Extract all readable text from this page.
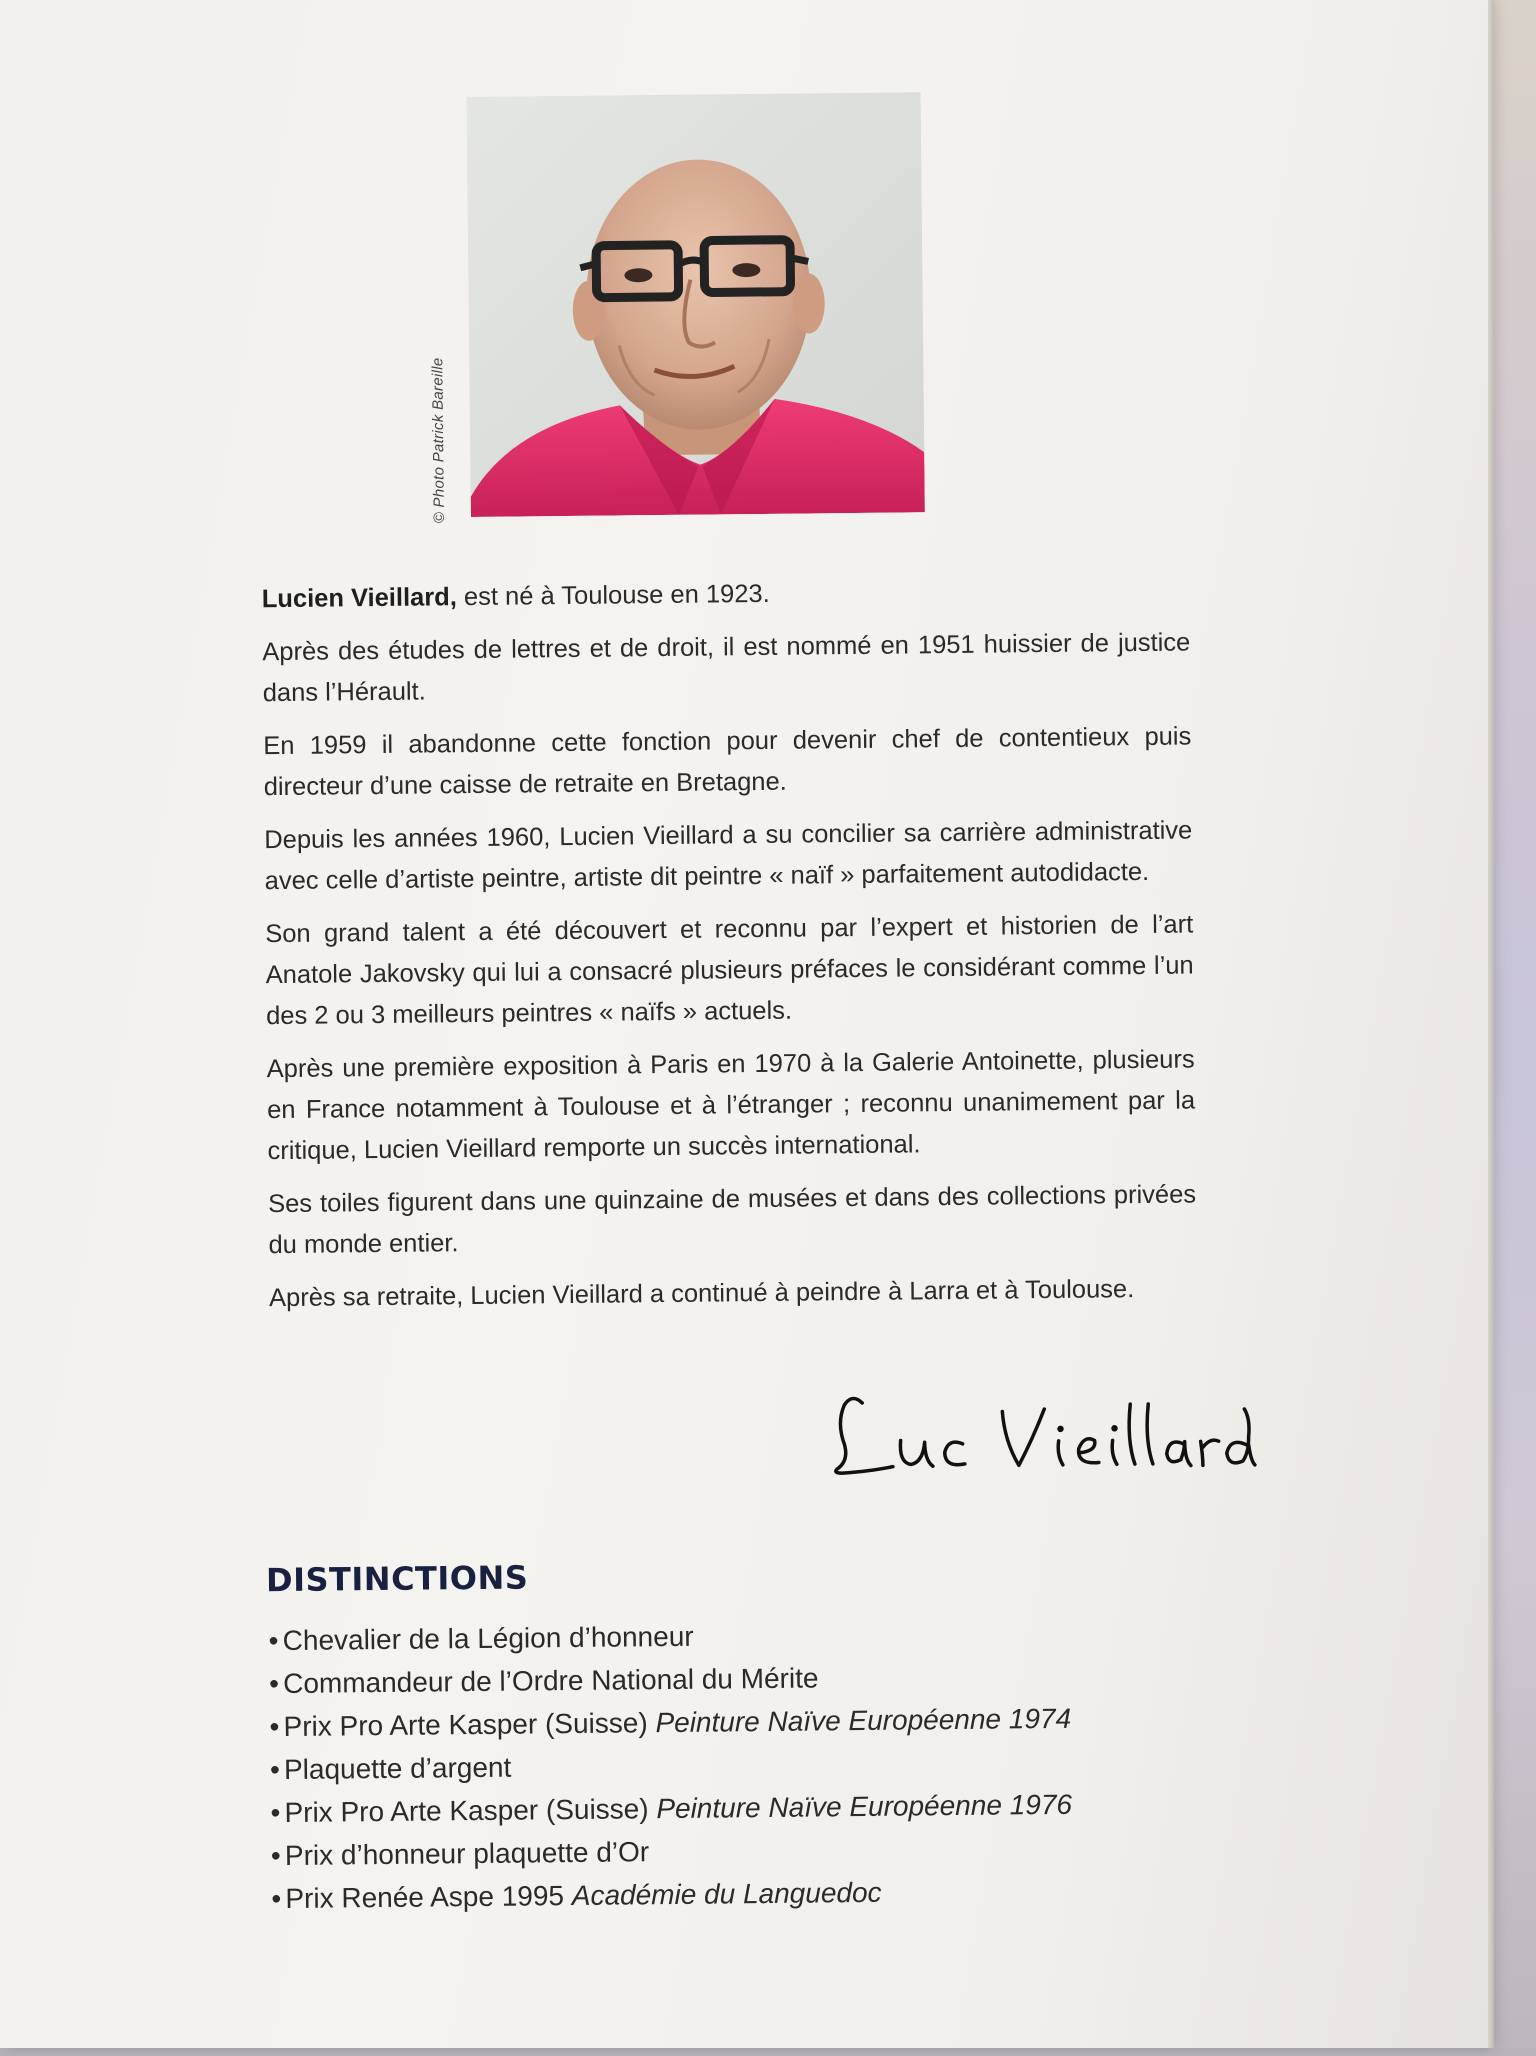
© Photo Patrick Bareille

Lucien Vieillard, est né à Toulouse en 1923.

Après des études de lettres et de droit, il est nommé en 1951 huissier de justice dans l’Hérault.

En 1959 il abandonne cette fonction pour devenir chef de contentieux puis directeur d’une caisse de retraite en Bretagne.

Depuis les années 1960, Lucien Vieillard a su concilier sa carrière administrative avec celle d’artiste peintre, artiste dit peintre « naïf » parfaitement autodidacte.

Son grand talent a été découvert et reconnu par l’expert et historien de l’art Anatole Jakovsky qui lui a consacré plusieurs préfaces le considérant comme l’un des 2 ou 3 meilleurs peintres « naïfs » actuels.

Après une première exposition à Paris en 1970 à la Galerie Antoinette, plusieurs en France notamment à Toulouse et à l’étranger ; reconnu unanimement par la critique, Lucien Vieillard remporte un succès international.

Ses toiles figurent dans une quinzaine de musées et dans des collections privées du monde entier.

Après sa retraite, Lucien Vieillard a continué à peindre à Larra et à Toulouse.

DISTINCTIONS
• Chevalier de la Légion d’honneur
• Commandeur de l’Ordre National du Mérite
• Prix Pro Arte Kasper (Suisse) Peinture Naïve Européenne 1974
• Plaquette d’argent
• Prix Pro Arte Kasper (Suisse) Peinture Naïve Européenne 1976
• Prix d’honneur plaquette d’Or
• Prix Renée Aspe 1995 Académie du Languedoc
